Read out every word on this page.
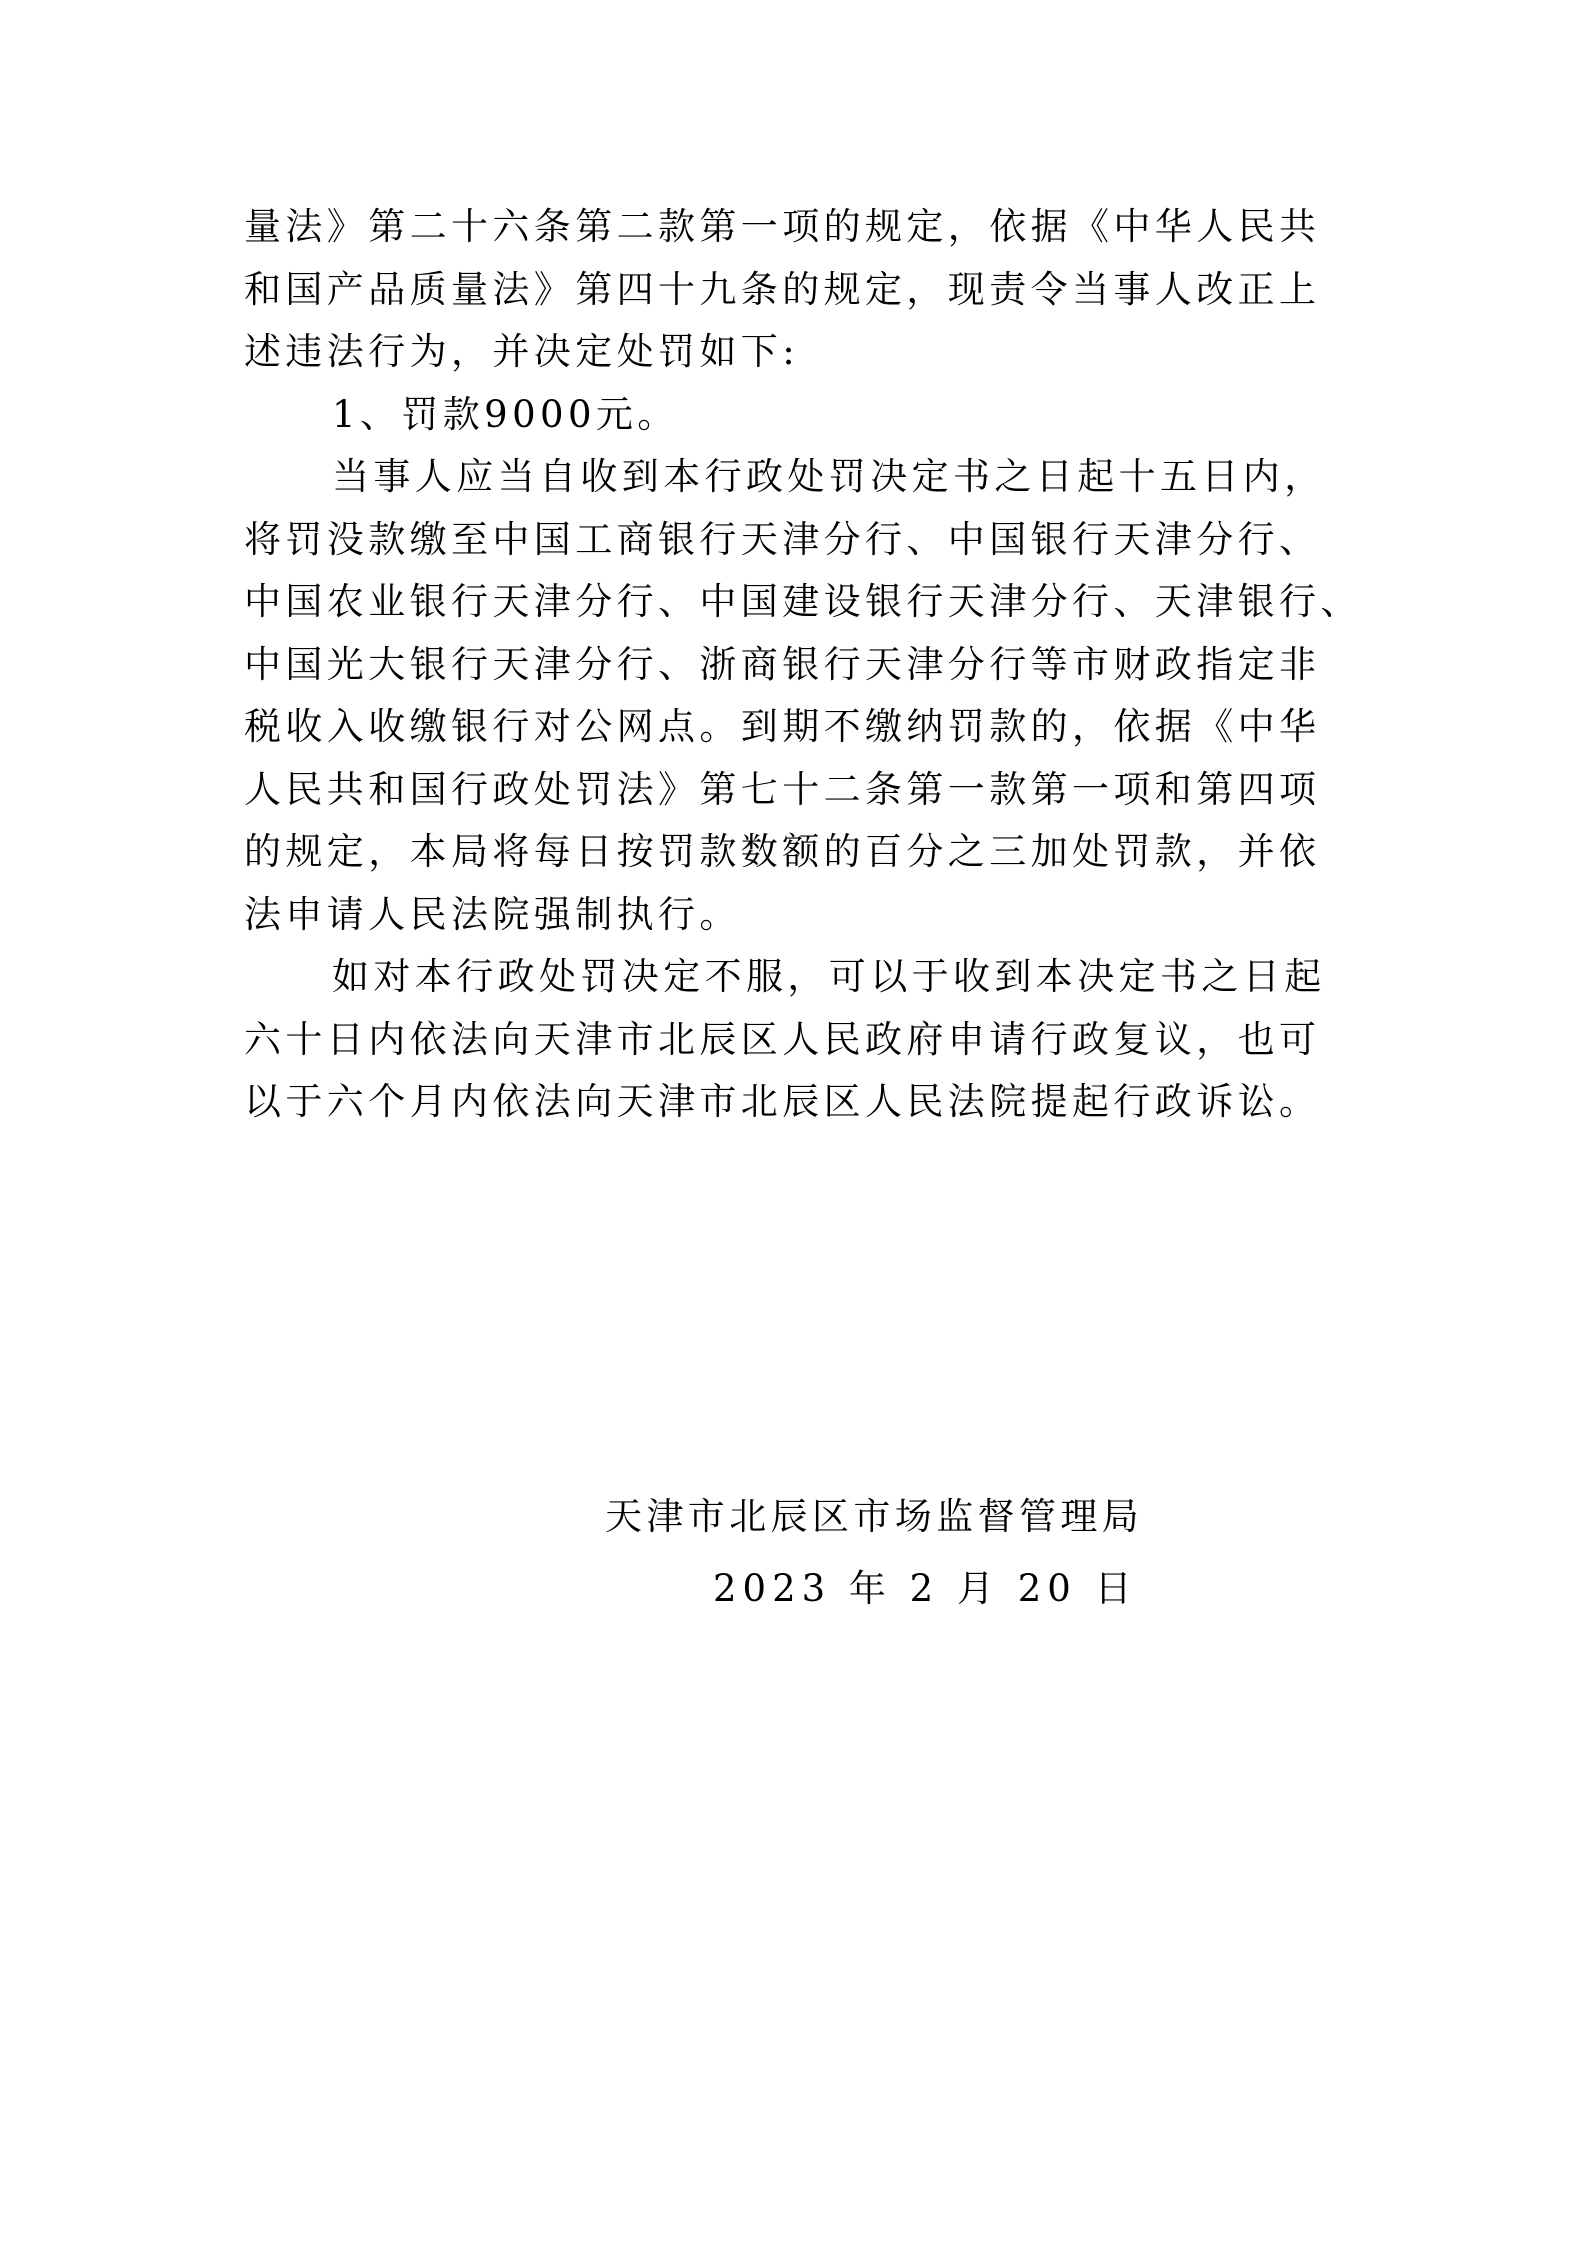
量法》第二十六条第二款第一项的规定，依据《中华人民共
和国产品质量法》第四十九条的规定，现责令当事人改正上
述违法行为，并决定处罚如下:
1、罚款9000元。
当事人应当自收到本行政处罚决定书之日起十五日内，
将罚没款缴至中国工商银行天津分行、中国银行天津分行、
中国农业银行天津分行、中国建设银行天津分行、天津银行、
中国光大银行天津分行、浙商银行天津分行等市财政指定非
税收入收缴银行对公网点。到期不缴纳罚款的，依据《中华
人民共和国行政处罚法》第七十二条第一款第一项和第四项
的规定，本局将每日按罚款数额的百分之三加处罚款，并依
法申请人民法院强制执行。
如对本行政处罚决定不服，可以于收到本决定书之日起
六十日内依法向天津市北辰区人民政府申请行政复议，也可
以于六个月内依法向天津市北辰区人民法院提起行政诉讼。
天津市北辰区市场监督管理局
2023 年 2 月 20 日
